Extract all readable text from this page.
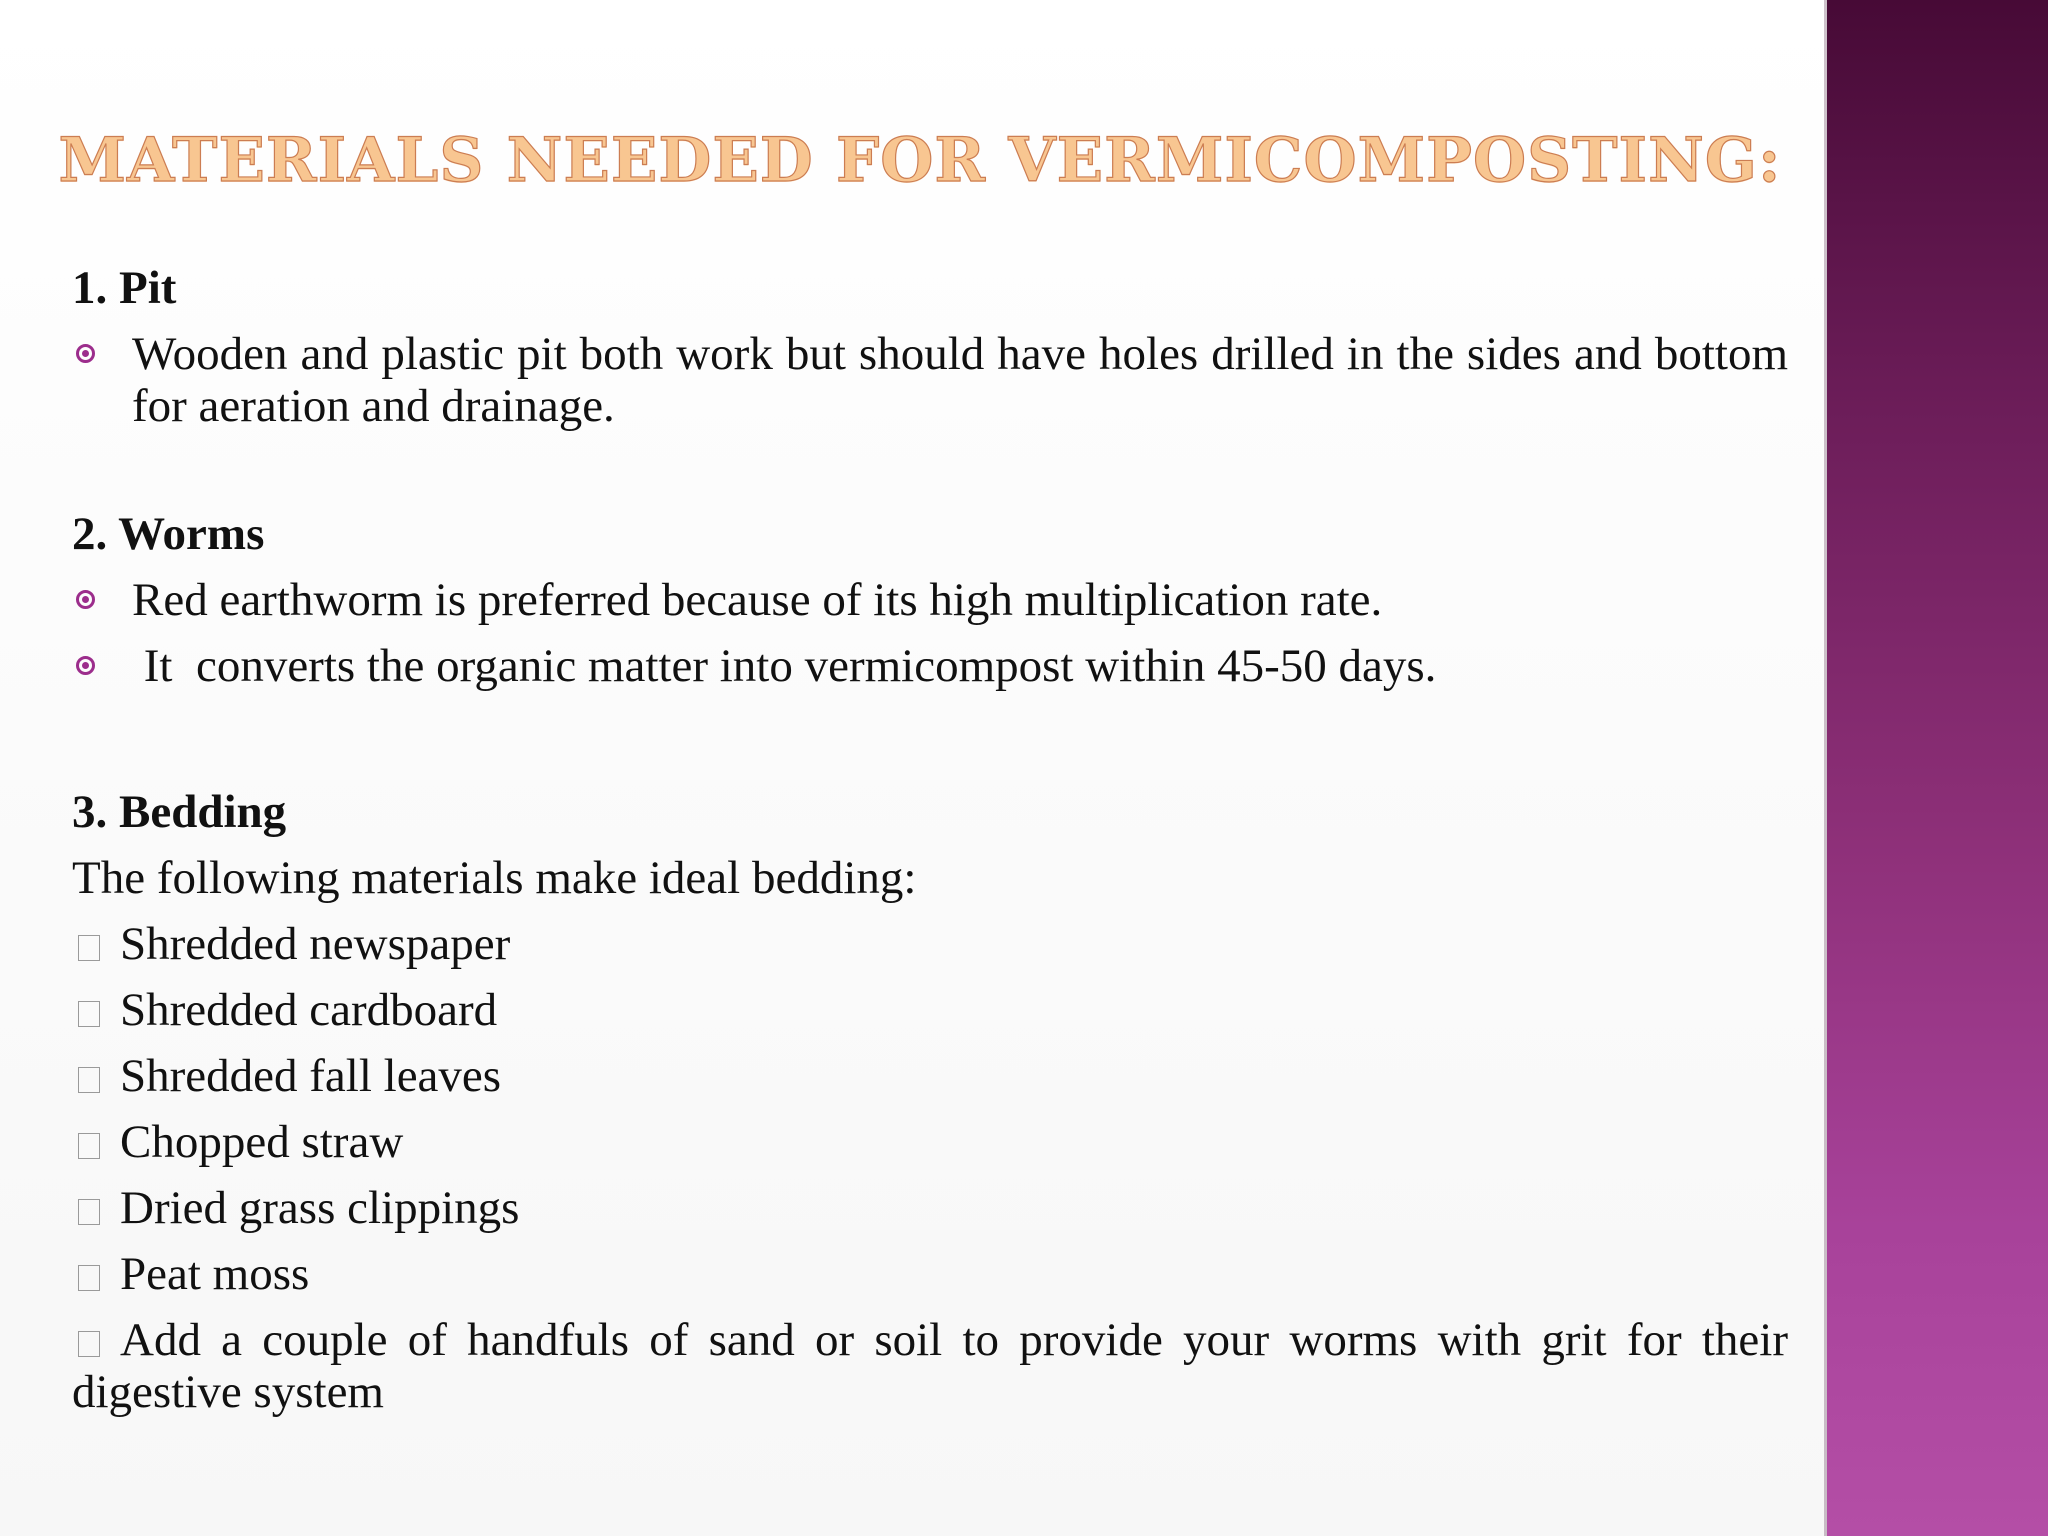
MATERIALS NEEDED FOR VERMICOMPOSTING:
1. Pit
Wooden and plastic pit both work but should have holes drilled in the sides and bottom for aeration and drainage.
2. Worms
Red earthworm is preferred because of its high multiplication rate.
It  converts the organic matter into vermicompost within 45-50 days.
3. Bedding
The following materials make ideal bedding:
Shredded newspaper
Shredded cardboard
Shredded fall leaves
Chopped straw
Dried grass clippings
Peat moss
Add a couple of handfuls of sand or soil to provide your worms with grit for their digestive system
